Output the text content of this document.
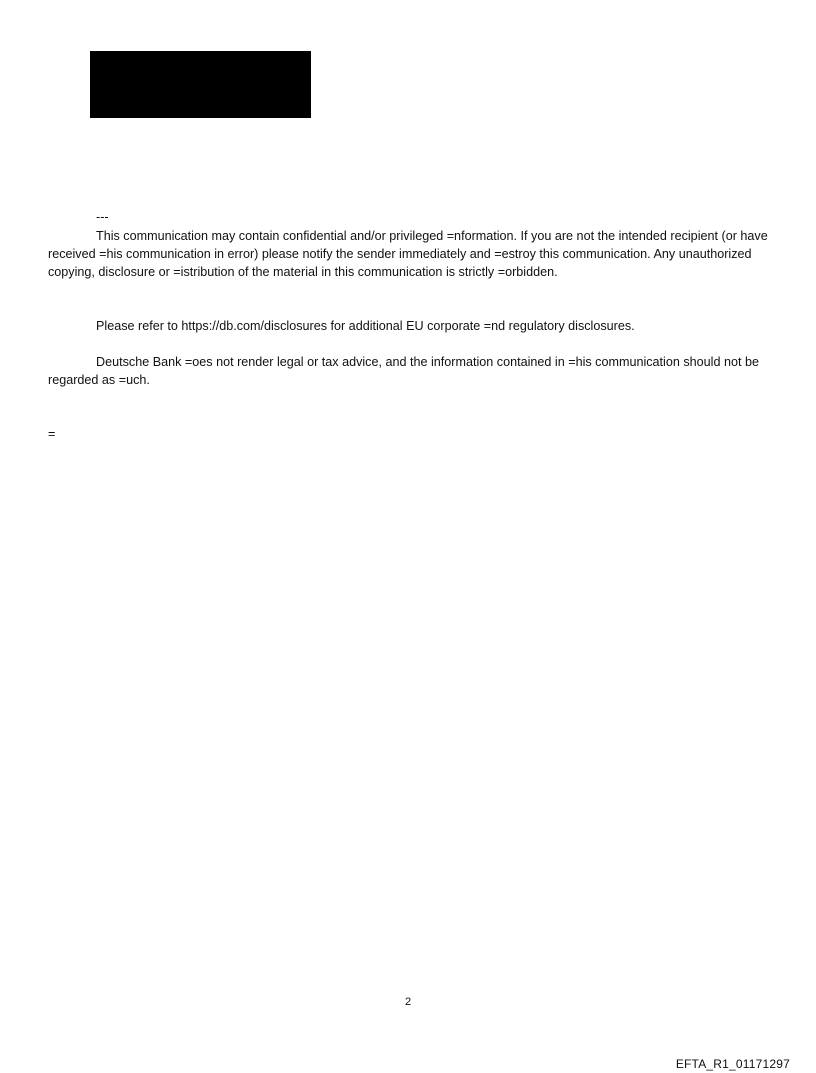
---

This communication may contain confidential and/or privileged =nformation. If you are not the intended recipient (or have received =his communication in error) please notify the sender immediately and =estroy this communication. Any unauthorized copying, disclosure or =istribution of the material in this communication is strictly =orbidden.

Please refer to https://db.com/disclosures for additional EU corporate =nd regulatory disclosures.

Deutsche Bank =oes not render legal or tax advice, and the information contained in =his communication should not be regarded as =uch.

=
2
EFTA_R1_01171297
